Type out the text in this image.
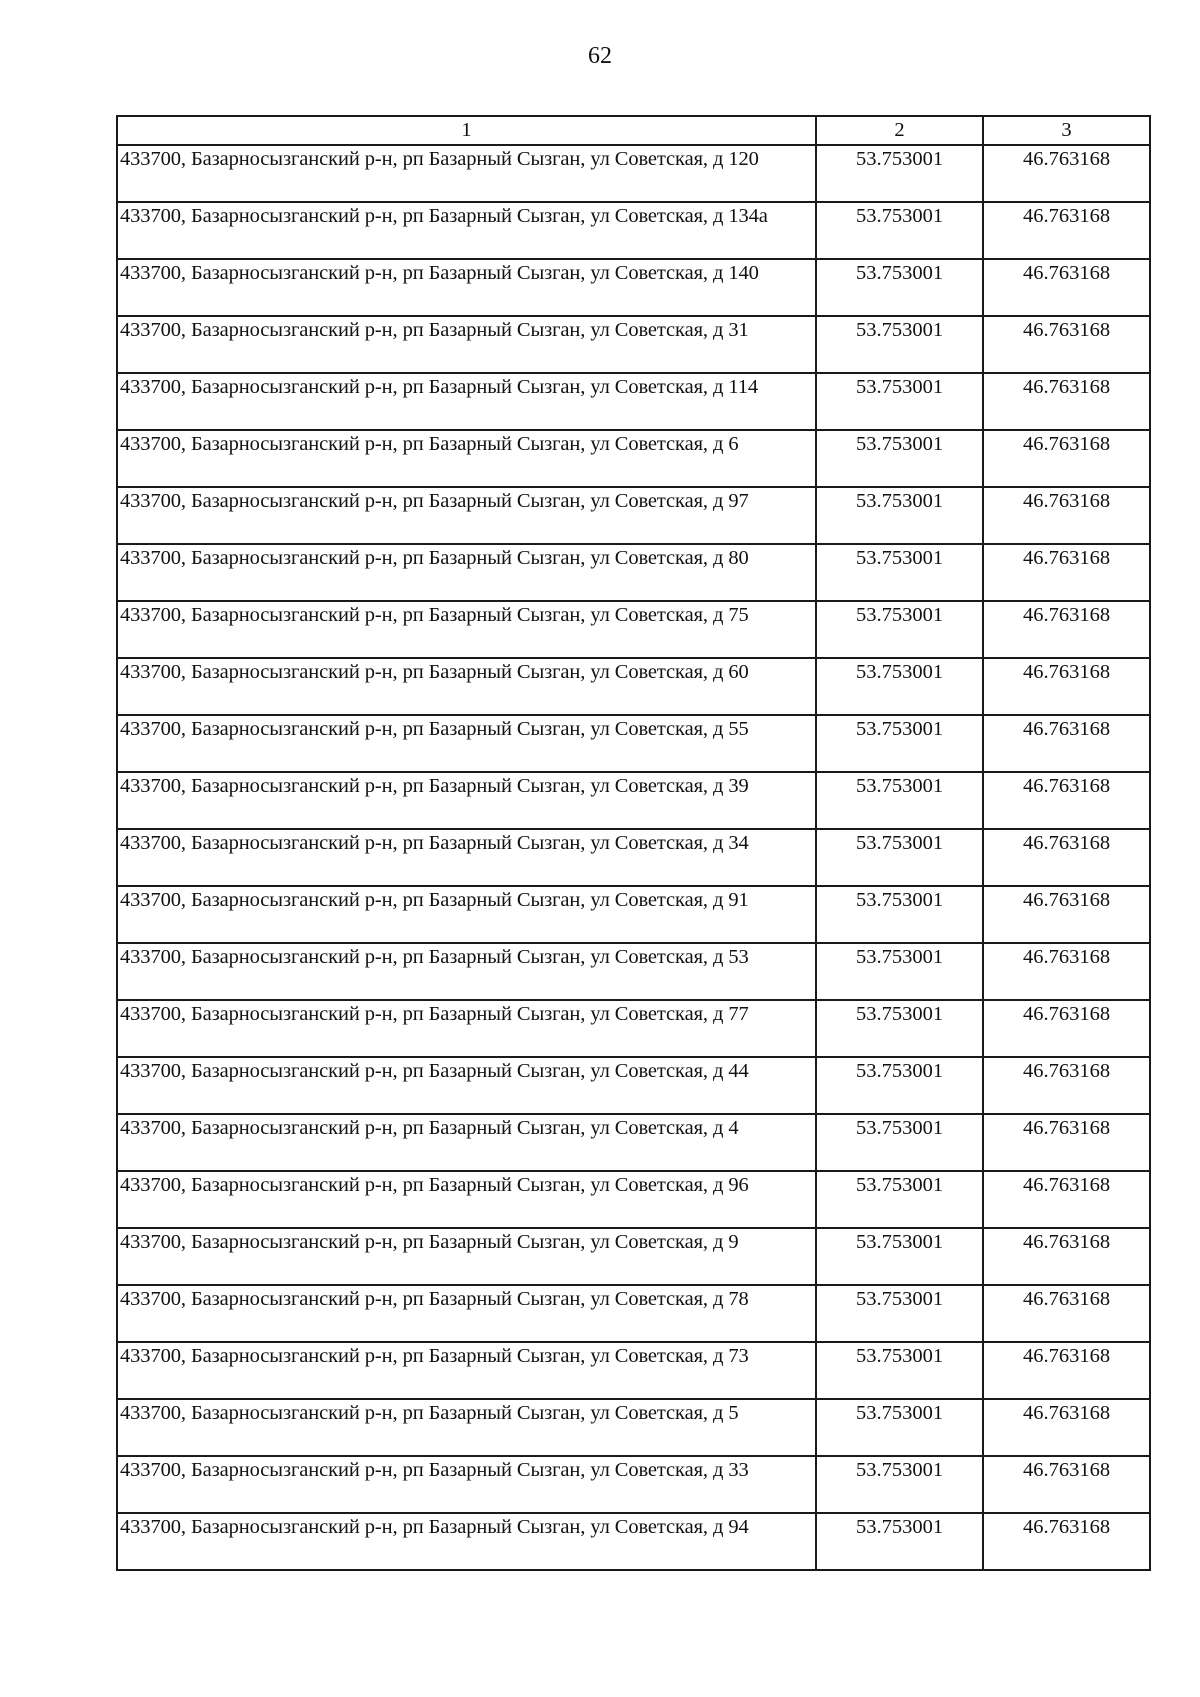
62
1	2	3
433700, Базарносызганский р-н, рп Базарный Сызган, ул Советская, д 120	53.753001	46.763168
433700, Базарносызганский р-н, рп Базарный Сызган, ул Советская, д 134а	53.753001	46.763168
433700, Базарносызганский р-н, рп Базарный Сызган, ул Советская, д 140	53.753001	46.763168
433700, Базарносызганский р-н, рп Базарный Сызган, ул Советская, д 31	53.753001	46.763168
433700, Базарносызганский р-н, рп Базарный Сызган, ул Советская, д 114	53.753001	46.763168
433700, Базарносызганский р-н, рп Базарный Сызган, ул Советская, д 6	53.753001	46.763168
433700, Базарносызганский р-н, рп Базарный Сызган, ул Советская, д 97	53.753001	46.763168
433700, Базарносызганский р-н, рп Базарный Сызган, ул Советская, д 80	53.753001	46.763168
433700, Базарносызганский р-н, рп Базарный Сызган, ул Советская, д 75	53.753001	46.763168
433700, Базарносызганский р-н, рп Базарный Сызган, ул Советская, д 60	53.753001	46.763168
433700, Базарносызганский р-н, рп Базарный Сызган, ул Советская, д 55	53.753001	46.763168
433700, Базарносызганский р-н, рп Базарный Сызган, ул Советская, д 39	53.753001	46.763168
433700, Базарносызганский р-н, рп Базарный Сызган, ул Советская, д 34	53.753001	46.763168
433700, Базарносызганский р-н, рп Базарный Сызган, ул Советская, д 91	53.753001	46.763168
433700, Базарносызганский р-н, рп Базарный Сызган, ул Советская, д 53	53.753001	46.763168
433700, Базарносызганский р-н, рп Базарный Сызган, ул Советская, д 77	53.753001	46.763168
433700, Базарносызганский р-н, рп Базарный Сызган, ул Советская, д 44	53.753001	46.763168
433700, Базарносызганский р-н, рп Базарный Сызган, ул Советская, д 4	53.753001	46.763168
433700, Базарносызганский р-н, рп Базарный Сызган, ул Советская, д 96	53.753001	46.763168
433700, Базарносызганский р-н, рп Базарный Сызган, ул Советская, д 9	53.753001	46.763168
433700, Базарносызганский р-н, рп Базарный Сызган, ул Советская, д 78	53.753001	46.763168
433700, Базарносызганский р-н, рп Базарный Сызган, ул Советская, д 73	53.753001	46.763168
433700, Базарносызганский р-н, рп Базарный Сызган, ул Советская, д 5	53.753001	46.763168
433700, Базарносызганский р-н, рп Базарный Сызган, ул Советская, д 33	53.753001	46.763168
433700, Базарносызганский р-н, рп Базарный Сызган, ул Советская, д 94	53.753001	46.763168
